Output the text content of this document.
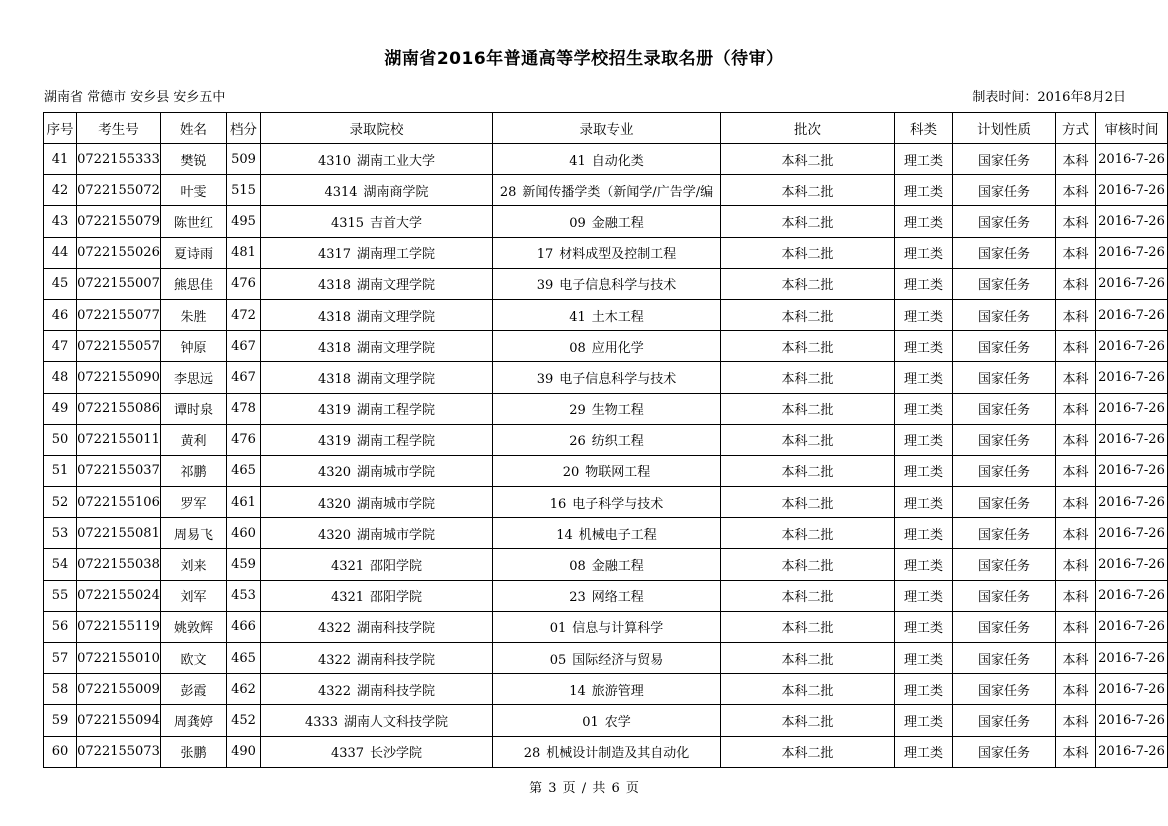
湖南省2016年普通高等学校招生录取名册（待审）
湖南省 常德市 安乡县 安乡五中	制表时间：2016年8月2日
序号	考生号	姓名	档分	录取院校	录取专业	批次	科类	计划性质	方式	审核时间
41	0722155333	樊锐	509	4310 湖南工业大学	41 自动化类	本科二批	理工类	国家任务	本科	2016-7-26
42	0722155072	叶雯	515	4314 湖南商学院	28 新闻传播学类（新闻学/广告学/编	本科二批	理工类	国家任务	本科	2016-7-26
43	0722155079	陈世红	495	4315 吉首大学	09 金融工程	本科二批	理工类	国家任务	本科	2016-7-26
44	0722155026	夏诗雨	481	4317 湖南理工学院	17 材料成型及控制工程	本科二批	理工类	国家任务	本科	2016-7-26
45	0722155007	熊思佳	476	4318 湖南文理学院	39 电子信息科学与技术	本科二批	理工类	国家任务	本科	2016-7-26
46	0722155077	朱胜	472	4318 湖南文理学院	41 土木工程	本科二批	理工类	国家任务	本科	2016-7-26
47	0722155057	钟原	467	4318 湖南文理学院	08 应用化学	本科二批	理工类	国家任务	本科	2016-7-26
48	0722155090	李思远	467	4318 湖南文理学院	39 电子信息科学与技术	本科二批	理工类	国家任务	本科	2016-7-26
49	0722155086	谭时泉	478	4319 湖南工程学院	29 生物工程	本科二批	理工类	国家任务	本科	2016-7-26
50	0722155011	黄利	476	4319 湖南工程学院	26 纺织工程	本科二批	理工类	国家任务	本科	2016-7-26
51	0722155037	祁鹏	465	4320 湖南城市学院	20 物联网工程	本科二批	理工类	国家任务	本科	2016-7-26
52	0722155106	罗军	461	4320 湖南城市学院	16 电子科学与技术	本科二批	理工类	国家任务	本科	2016-7-26
53	0722155081	周易飞	460	4320 湖南城市学院	14 机械电子工程	本科二批	理工类	国家任务	本科	2016-7-26
54	0722155038	刘来	459	4321 邵阳学院	08 金融工程	本科二批	理工类	国家任务	本科	2016-7-26
55	0722155024	刘军	453	4321 邵阳学院	23 网络工程	本科二批	理工类	国家任务	本科	2016-7-26
56	0722155119	姚敦辉	466	4322 湖南科技学院	01 信息与计算科学	本科二批	理工类	国家任务	本科	2016-7-26
57	0722155010	欧文	465	4322 湖南科技学院	05 国际经济与贸易	本科二批	理工类	国家任务	本科	2016-7-26
58	0722155009	彭霞	462	4322 湖南科技学院	14 旅游管理	本科二批	理工类	国家任务	本科	2016-7-26
59	0722155094	周龚婷	452	4333 湖南人文科技学院	01 农学	本科二批	理工类	国家任务	本科	2016-7-26
60	0722155073	张鹏	490	4337 长沙学院	28 机械设计制造及其自动化	本科二批	理工类	国家任务	本科	2016-7-26
第 3 页 / 共 6 页
